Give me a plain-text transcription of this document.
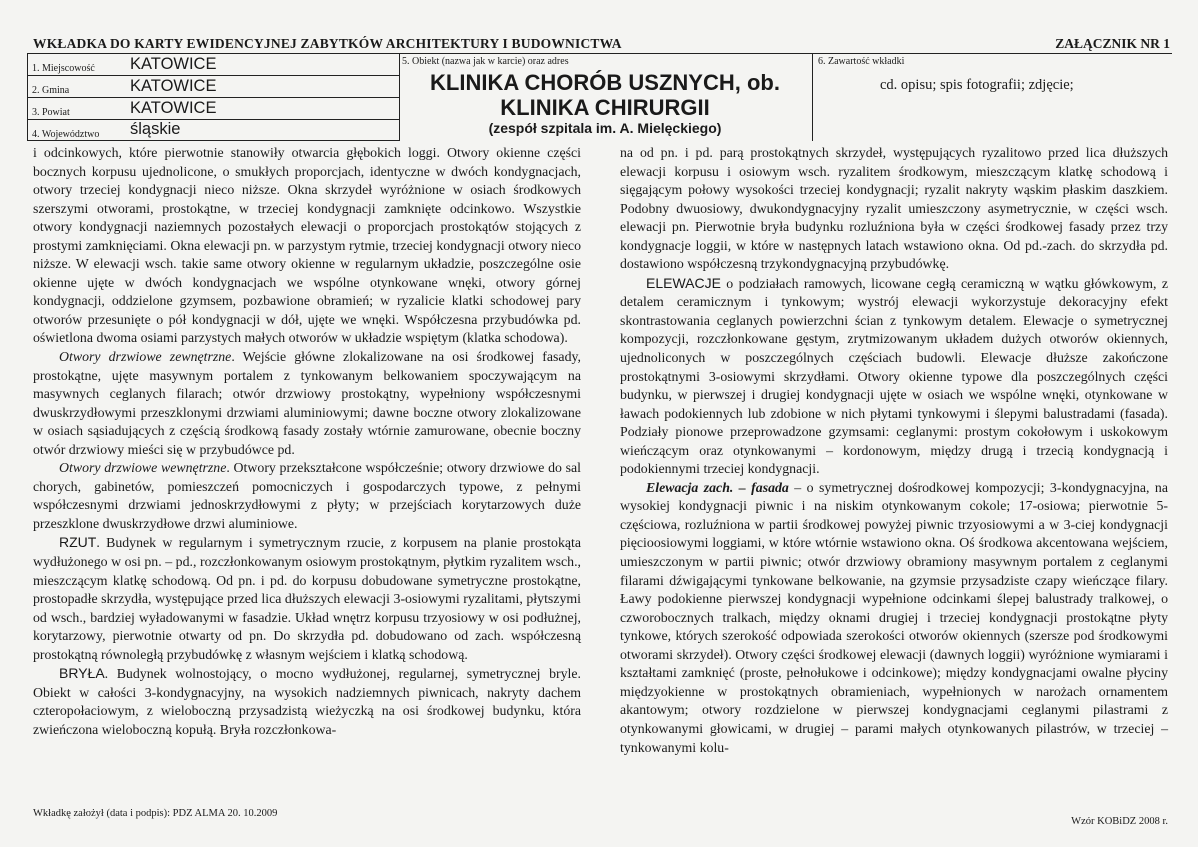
WKŁADKA DO KARTY EWIDENCYJNEJ ZABYTKÓW ARCHITEKTURY I BUDOWNICTWA	ZAŁĄCZNIK NR 1
1. Miejscowość KATOWICE
2. Gmina	KATOWICE
3. Powiat	KATOWICE
4. Województwo śląskie
5. Obiekt (nazwa jak w karcie) oraz adres
KLINIKA CHORÓB USZNYCH, ob.
KLINIKA CHIRURGII
(zespół szpitala im. A. Mielęckiego)
6. Zawartość wkładki
cd. opisu; spis fotografii; zdjęcie;

i odcinkowych, które pierwotnie stanowiły otwarcia głębokich loggi. Otwory okienne części bocznych korpusu ujednolicone, o smukłych proporcjach, identyczne w dwóch kondygnacjach, otwory trzeciej kondygnacji nieco niższe. Okna skrzydeł wyróżnione w osiach środkowych szerszymi otworami, prostokątne, w trzeciej kondygnacji zamknięte odcinkowo. Wszystkie otwory kondygnacji naziemnych pozostałych elewacji o proporcjach prostokątów stojących z prostymi zamknięciami. Okna elewacji pn. w parzystym rytmie, trzeciej kondygnacji otwory nieco niższe. W elewacji wsch. takie same otwory okienne w regularnym układzie, poszczególne osie okienne ujęte w dwóch kondygnacjach we wspólne otynkowane wnęki, otwory górnej kondygnacji, oddzielone gzymsem, pozbawione obramień; w ryzalicie klatki schodowej pary otworów przesunięte o pół kondygnacji w dół, ujęte we wnęki. Współczesna przybudówka pd. oświetlona dwoma osiami parzystych małych otworów w układzie wspiętym (klatka schodowa).

Otwory drzwiowe zewnętrzne. Wejście główne zlokalizowane na osi środkowej fasady, prostokątne, ujęte masywnym portalem z tynkowanym belkowaniem spoczywającym na masywnych ceglanych filarach; otwór drzwiowy prostokątny, wypełniony współczesnymi dwuskrzydłowymi przeszklonymi drzwiami aluminiowymi; dawne boczne otwory zlokalizowane w osiach sąsiadujących z częścią środkową fasady zostały wtórnie zamurowane, obecnie boczny otwór drzwiowy mieści się w przybudówce pd.

Otwory drzwiowe wewnętrzne. Otwory przekształcone współcześnie; otwory drzwiowe do sal chorych, gabinetów, pomieszczeń pomocniczych i gospodarczych typowe, z pełnymi współczesnymi drzwiami jednoskrzydłowymi z płyty; w przejściach korytarzowych duże przeszklone dwuskrzydłowe drzwi aluminiowe.

RZUT. Budynek w regularnym i symetrycznym rzucie, z korpusem na planie prostokąta wydłużonego w osi pn. – pd., rozczłonkowanym osiowym prostokątnym, płytkim ryzalitem wsch., mieszczącym klatkę schodową. Od pn. i pd. do korpusu dobudowane symetryczne prostokątne, prostopadłe skrzydła, występujące przed lica dłuższych elewacji 3-osiowymi ryzalitami, płytszymi od wsch., bardziej wyładowanymi w fasadzie. Układ wnętrz korpusu trzyosiowy w osi podłużnej, korytarzowy, pierwotnie otwarty od pn. Do skrzydła pd. dobudowano od zach. współczesną prostokątną równoległą przybudówkę z własnym wejściem i klatką schodową.

BRYŁA. Budynek wolnostojący, o mocno wydłużonej, regularnej, symetrycznej bryle. Obiekt w całości 3-kondygnacyjny, na wysokich nadziemnych piwnicach, nakryty dachem czteropołaciowym, z wieloboczną przysadzistą wieżyczką na osi środkowej budynku, która zwieńczona wieloboczną kopułą. Bryła rozczłonkowa-

na od pn. i pd. parą prostokątnych skrzydeł, występujących ryzalitowo przed lica dłuższych elewacji korpusu i osiowym wsch. ryzalitem środkowym, mieszczącym klatkę schodową i sięgającym połowy wysokości trzeciej kondygnacji; ryzalit nakryty wąskim płaskim daszkiem. Podobny dwuosiowy, dwukondygnacyjny ryzalit umieszczony asymetrycznie, w części wsch. elewacji pn. Pierwotnie bryła budynku rozluźniona była w części środkowej fasady przez trzy kondygnacje loggii, w które w następnych latach wstawiono okna. Od pd.-zach. do skrzydła pd. dostawiono współczesną trzykondygnacyjną przybudówkę.

ELEWACJE o podziałach ramowych, licowane cegłą ceramiczną w wątku główkowym, z detalem ceramicznym i tynkowym; wystrój elewacji wykorzystuje dekoracyjny efekt skontrastowania ceglanych powierzchni ścian z tynkowym detalem. Elewacje o symetrycznej kompozycji, rozczłonkowane gęstym, zrytmizowanym układem dużych otworów okiennych, ujednoliconych w poszczególnych częściach budowli. Elewacje dłuższe zakończone prostokątnymi 3-osiowymi skrzydłami. Otwory okienne typowe dla poszczególnych części budynku, w pierwszej i drugiej kondygnacji ujęte w osiach we wspólne wnęki, otynkowane w ławach podokiennych lub zdobione w nich płytami tynkowymi i ślepymi balustradami (fasada). Podziały pionowe przeprowadzone gzymsami: ceglanymi: prostym cokołowym i uskokowym wieńczącym oraz otynkowanymi – kordonowym, między drugą i trzecią kondygnacją i podokiennymi trzeciej kondygnacji.

Elewacja zach. – fasada – o symetrycznej dośrodkowej kompozycji; 3-kondygnacyjna, na wysokiej kondygnacji piwnic i na niskim otynkowanym cokole; 17-osiowa; pierwotnie 5-częściowa, rozluźniona w partii środkowej powyżej piwnic trzyosiowymi a w 3-ciej kondygnacji pięcioosiowymi loggiami, w które wtórnie wstawiono okna. Oś środkowa akcentowana wejściem, umieszczonym w partii piwnic; otwór drzwiowy obramiony masywnym portalem z ceglanymi filarami dźwigającymi tynkowane belkowanie, na gzymsie przysadziste czapy wieńczące filary. Ławy podokienne pierwszej kondygnacji wypełnione odcinkami ślepej balustrady tralkowej, o czworobocznych tralkach, między oknami drugiej i trzeciej kondygnacji prostokątne płyty tynkowe, których szerokość odpowiada szerokości otworów okiennych (szersze pod środkowymi otworami skrzydeł). Otwory części środkowej elewacji (dawnych loggii) wyróżnione wymiarami i kształtami zamknięć (proste, pełnołukowe i odcinkowe); między kondygnacjami owalne płyciny międzyokienne w prostokątnych obramieniach, wypełnionych w narożach ornamentem akantowym; otwory rozdzielone w pierwszej kondygnacjami ceglanymi pilastrami z otynkowanymi głowicami, w drugiej – parami małych otynkowanych pilastrów, w trzeciej – tynkowanymi kolu-

Wkładkę założył (data i podpis): PDZ ALMA 20. 10.2009
Wzór KOBiDZ 2008 r.
